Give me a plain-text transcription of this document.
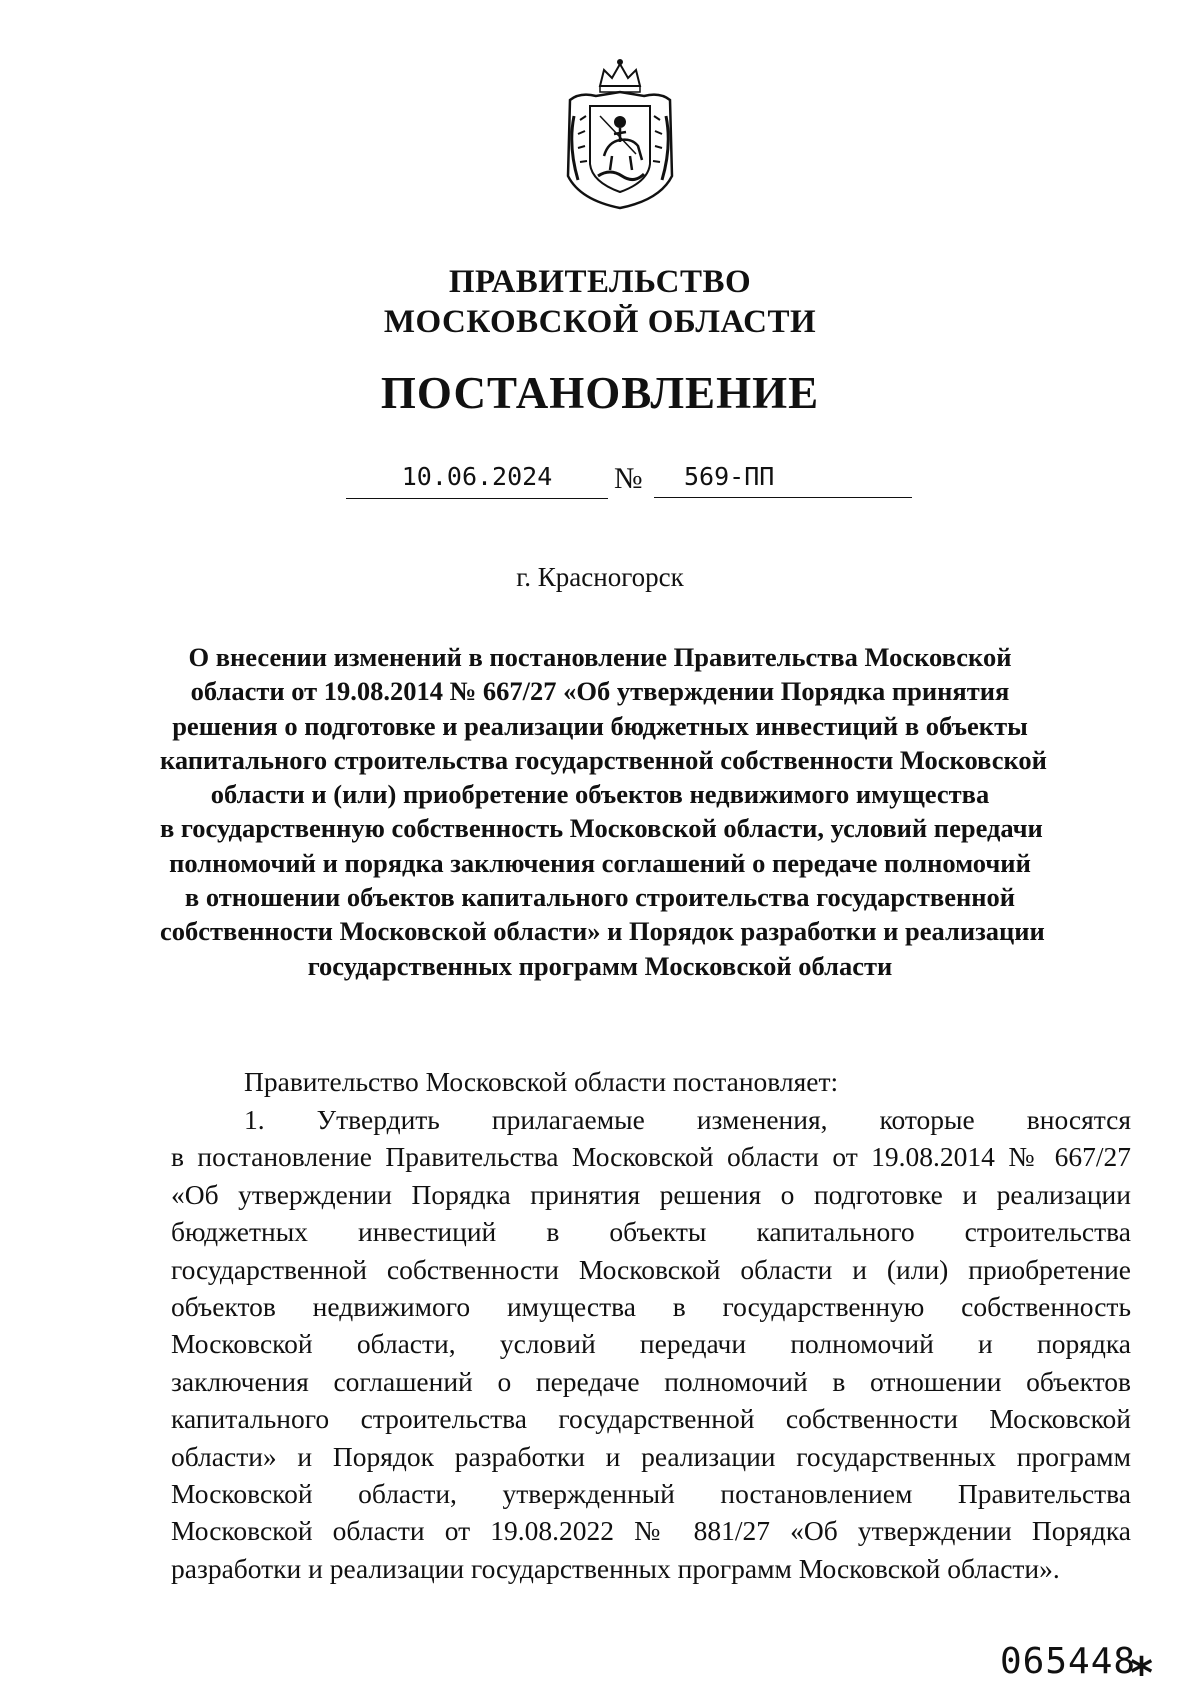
ПРАВИТЕЛЬСТВО
МОСКОВСКОЙ ОБЛАСТИ
ПОСТАНОВЛЕНИЕ
10.06.2024	№	569-ПП
г. Красногорск
О внесении изменений в постановление Правительства Московской
области от 19.08.2014 № 667/27 «Об утверждении Порядка принятия
решения о подготовке и реализации бюджетных инвестиций в объекты
капитального строительства государственной собственности Московской
области и (или) приобретение объектов недвижимого имущества
в государственную собственность Московской области, условий передачи
полномочий и порядка заключения соглашений о передаче полномочий
в отношении объектов капитального строительства государственной
собственности Московской области» и Порядок разработки и реализации
государственных программ Московской области
Правительство Московской области постановляет:
1. Утвердить прилагаемые изменения, которые вносятся
в постановление Правительства Московской области от 19.08.2014 № 667/27
«Об утверждении Порядка принятия решения о подготовке и реализации
бюджетных инвестиций в объекты капитального строительства
государственной собственности Московской области и (или) приобретение
объектов недвижимого имущества в государственную собственность
Московской области, условий передачи полномочий и порядка
заключения соглашений о передаче полномочий в отношении объектов
капитального строительства государственной собственности Московской
области» и Порядок разработки и реализации государственных программ
Московской области, утвержденный постановлением Правительства
Московской области от 19.08.2022 № 881/27 «Об утверждении Порядка
разработки и реализации государственных программ Московской области».
065448
*
